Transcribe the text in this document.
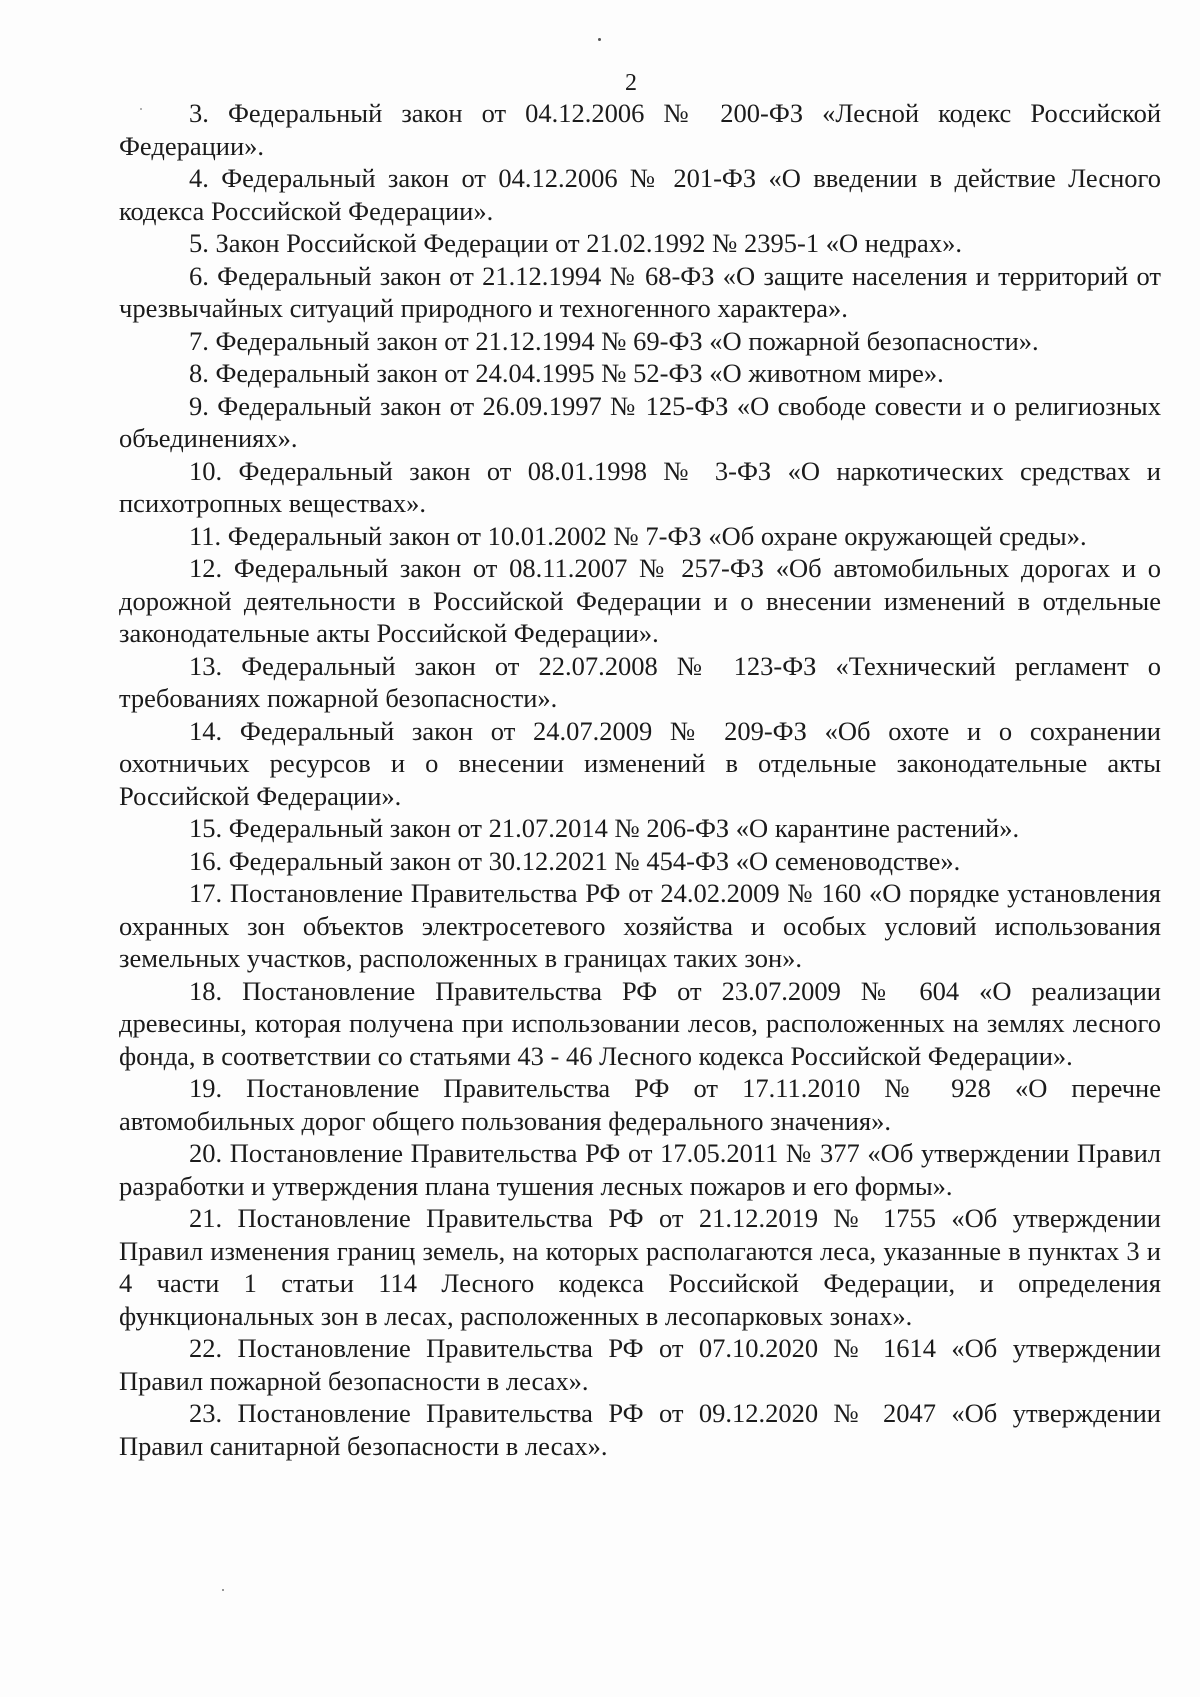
2
3. Федеральный закон от 04.12.2006 № 200-ФЗ «Лесной кодекс Российской Федерации».
4. Федеральный закон от 04.12.2006 № 201-ФЗ «О введении в действие Лесного кодекса Российской Федерации».
5. Закон Российской Федерации от 21.02.1992 № 2395-1 «О недрах».
6. Федеральный закон от 21.12.1994 № 68-ФЗ «О защите населения и территорий от чрезвычайных ситуаций природного и техногенного характера».
7. Федеральный закон от 21.12.1994 № 69-ФЗ «О пожарной безопасности».
8. Федеральный закон от 24.04.1995 № 52-ФЗ «О животном мире».
9. Федеральный закон от 26.09.1997 № 125-ФЗ «О свободе совести и о религиозных объединениях».
10. Федеральный закон от 08.01.1998 № 3-ФЗ «О наркотических средствах и психотропных веществах».
11. Федеральный закон от 10.01.2002 № 7-ФЗ «Об охране окружающей среды».
12. Федеральный закон от 08.11.2007 № 257-ФЗ «Об автомобильных дорогах и о дорожной деятельности в Российской Федерации и о внесении изменений в отдельные законодательные акты Российской Федерации».
13. Федеральный закон от 22.07.2008 № 123-ФЗ «Технический регламент о требованиях пожарной безопасности».
14. Федеральный закон от 24.07.2009 № 209-ФЗ «Об охоте и о сохранении охотничьих ресурсов и о внесении изменений в отдельные законодательные акты Российской Федерации».
15. Федеральный закон от 21.07.2014 № 206-ФЗ «О карантине растений».
16. Федеральный закон от 30.12.2021 № 454-ФЗ «О семеноводстве».
17. Постановление Правительства РФ от 24.02.2009 № 160 «О порядке установления охранных зон объектов электросетевого хозяйства и особых условий использования земельных участков, расположенных в границах таких зон».
18. Постановление Правительства РФ от 23.07.2009 № 604 «О реализации древесины, которая получена при использовании лесов, расположенных на землях лесного фонда, в соответствии со статьями 43 - 46 Лесного кодекса Российской Федерации».
19. Постановление Правительства РФ от 17.11.2010 № 928 «О перечне автомобильных дорог общего пользования федерального значения».
20. Постановление Правительства РФ от 17.05.2011 № 377 «Об утверждении Правил разработки и утверждения плана тушения лесных пожаров и его формы».
21. Постановление Правительства РФ от 21.12.2019 № 1755 «Об утверждении Правил изменения границ земель, на которых располагаются леса, указанные в пунктах 3 и 4 части 1 статьи 114 Лесного кодекса Российской Федерации, и определения функциональных зон в лесах, расположенных в лесопарковых зонах».
22. Постановление Правительства РФ от 07.10.2020 № 1614 «Об утверждении Правил пожарной безопасности в лесах».
23. Постановление Правительства РФ от 09.12.2020 № 2047 «Об утверждении Правил санитарной безопасности в лесах».
